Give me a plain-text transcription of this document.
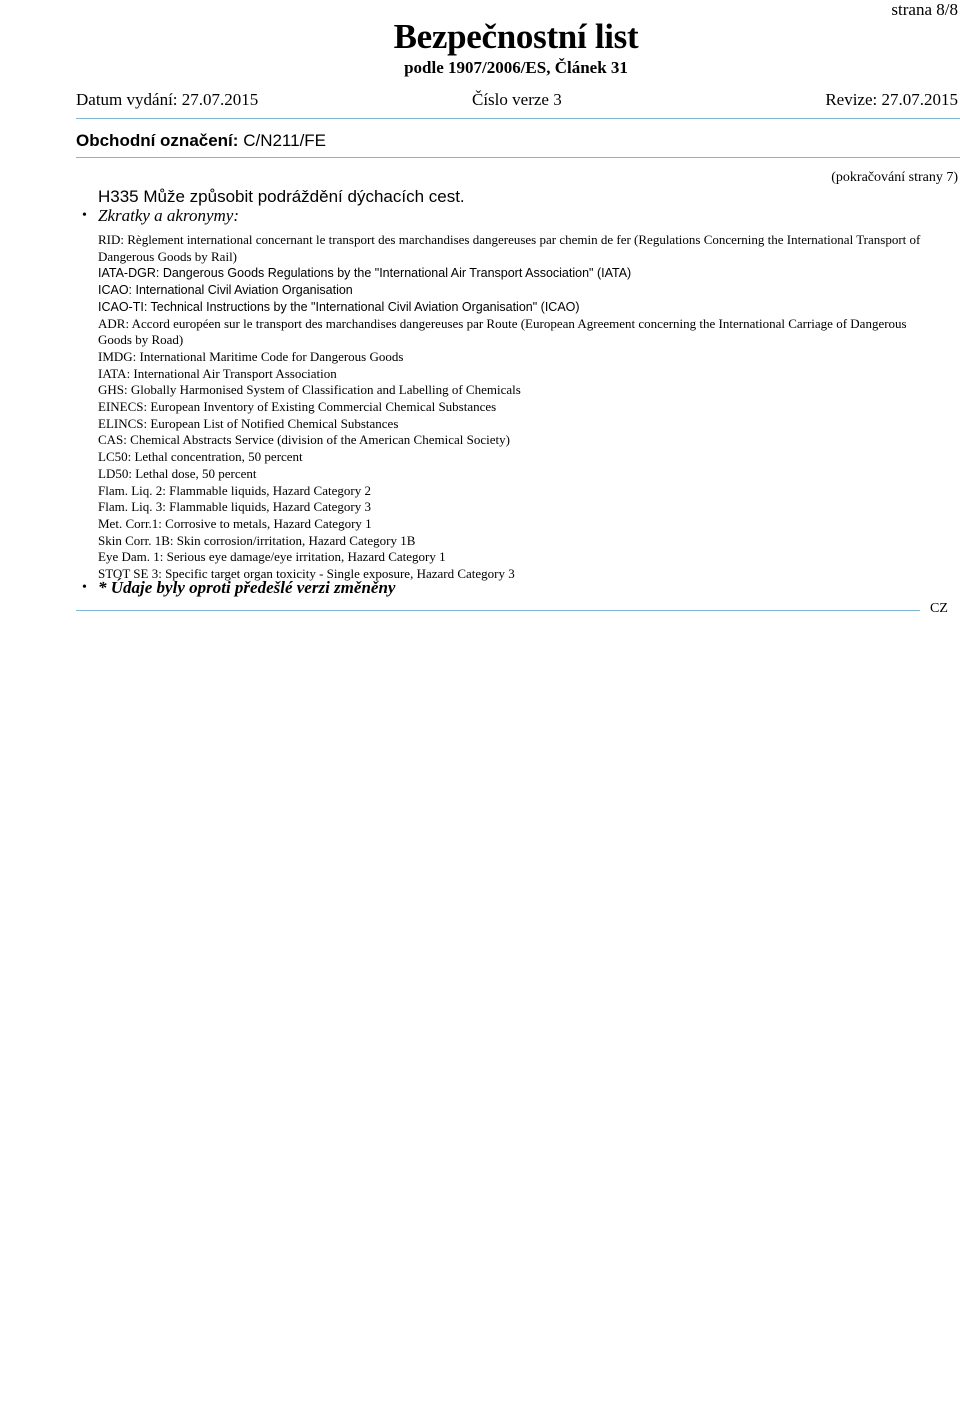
strana 8/8
Bezpečnostní list
podle 1907/2006/ES, Článek 31
Datum vydání: 27.07.2015	Číslo verze 3	Revize: 27.07.2015
Obchodní označení: C/N211/FE
(pokračování strany 7)
H335 Může způsobit podráždění dýchacích cest.
• Zkratky a akronymy:
RID: Règlement international concernant le transport des marchandises dangereuses par chemin de fer (Regulations Concerning the International Transport of Dangerous Goods by Rail)
IATA-DGR: Dangerous Goods Regulations by the "International Air Transport Association" (IATA)
ICAO: International Civil Aviation Organisation
ICAO-TI: Technical Instructions by the "International Civil Aviation Organisation" (ICAO)
ADR: Accord européen sur le transport des marchandises dangereuses par Route (European Agreement concerning the International Carriage of Dangerous Goods by Road)
IMDG: International Maritime Code for Dangerous Goods
IATA: International Air Transport Association
GHS: Globally Harmonised System of Classification and Labelling of Chemicals
EINECS: European Inventory of Existing Commercial Chemical Substances
ELINCS: European List of Notified Chemical Substances
CAS: Chemical Abstracts Service (division of the American Chemical Society)
LC50: Lethal concentration, 50 percent
LD50: Lethal dose, 50 percent
Flam. Liq. 2: Flammable liquids, Hazard Category 2
Flam. Liq. 3: Flammable liquids, Hazard Category 3
Met. Corr.1: Corrosive to metals, Hazard Category 1
Skin Corr. 1B: Skin corrosion/irritation, Hazard Category 1B
Eye Dam. 1: Serious eye damage/eye irritation, Hazard Category 1
STOT SE 3: Specific target organ toxicity - Single exposure, Hazard Category 3
• * Údaje byly oproti předešlé verzi změněny
CZ
